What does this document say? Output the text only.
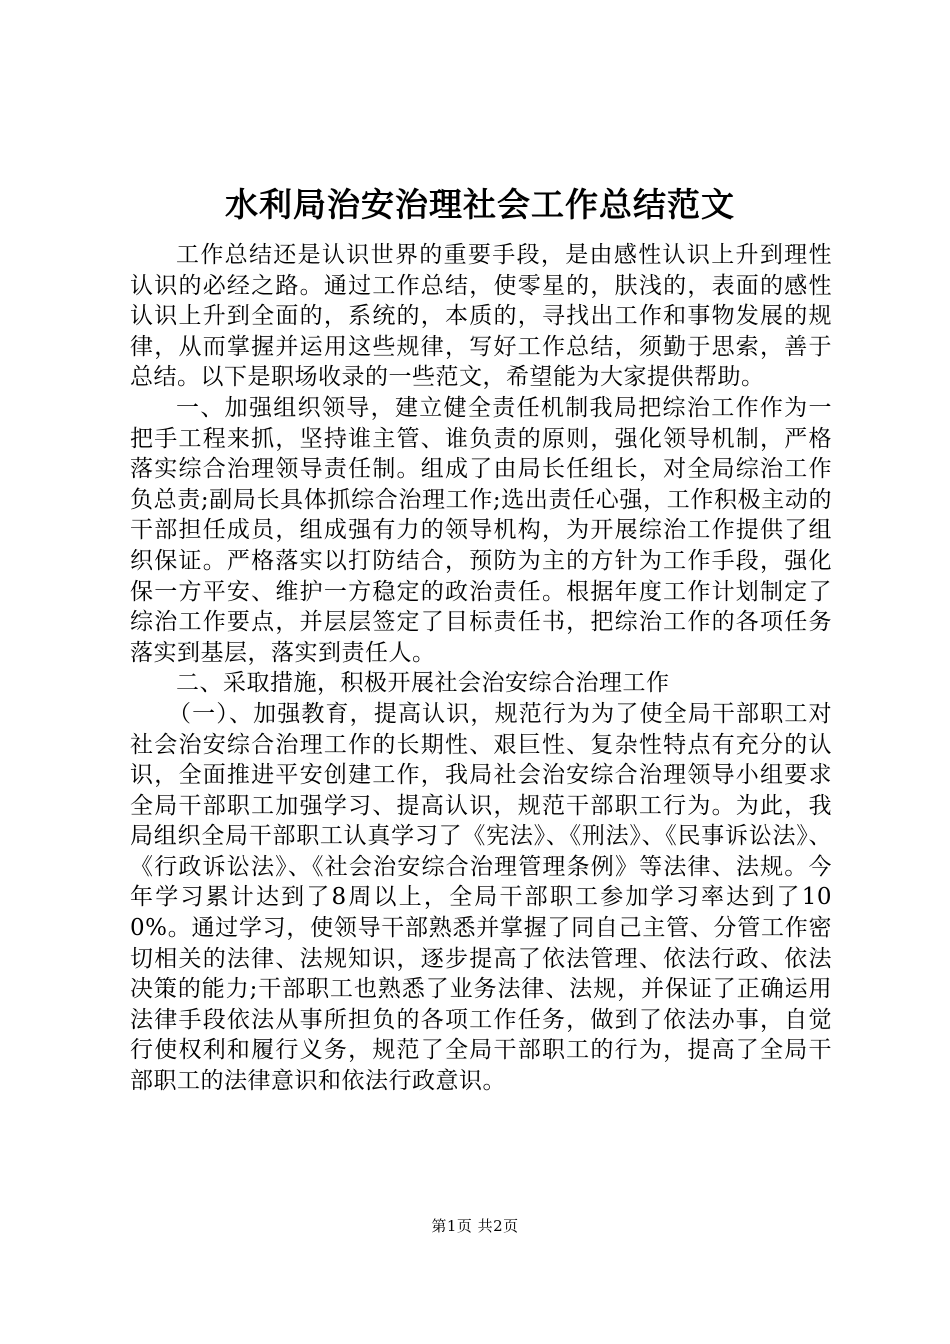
水利局治安治理社会工作总结范文

工作总结还是认识世界的重要手段，是由感性认识上升到理性认识的必经之路。通过工作总结，使零星的，肤浅的，表面的感性认识上升到全面的，系统的，本质的，寻找出工作和事物发展的规律，从而掌握并运用这些规律，写好工作总结，须勤于思索，善于总结。以下是职场收录的一些范文，希望能为大家提供帮助。

一、加强组织领导，建立健全责任机制我局把综治工作作为一把手工程来抓，坚持谁主管、谁负责的原则，强化领导机制，严格落实综合治理领导责任制。组成了由局长任组长，对全局综治工作负总责;副局长具体抓综合治理工作;选出责任心强，工作积极主动的干部担任成员，组成强有力的领导机构，为开展综治工作提供了组织保证。严格落实以打防结合，预防为主的方针为工作手段，强化保一方平安、维护一方稳定的政治责任。根据年度工作计划制定了综治工作要点，并层层签定了目标责任书，把综治工作的各项任务落实到基层，落实到责任人。

二、采取措施，积极开展社会治安综合治理工作

（一）、加强教育，提高认识，规范行为为了使全局干部职工对社会治安综合治理工作的长期性、艰巨性、复杂性特点有充分的认识，全面推进平安创建工作，我局社会治安综合治理领导小组要求全局干部职工加强学习、提高认识，规范干部职工行为。为此，我局组织全局干部职工认真学习了《宪法》、《刑法》、《民事诉讼法》、《行政诉讼法》、《社会治安综合治理管理条例》等法律、法规。今年学习累计达到了8周以上，全局干部职工参加学习率达到了100%。通过学习，使领导干部熟悉并掌握了同自己主管、分管工作密切相关的法律、法规知识，逐步提高了依法管理、依法行政、依法决策的能力;干部职工也熟悉了业务法律、法规，并保证了正确运用法律手段依法从事所担负的各项工作任务，做到了依法办事，自觉行使权利和履行义务，规范了全局干部职工的行为，提高了全局干部职工的法律意识和依法行政意识。

第1页 共2页
